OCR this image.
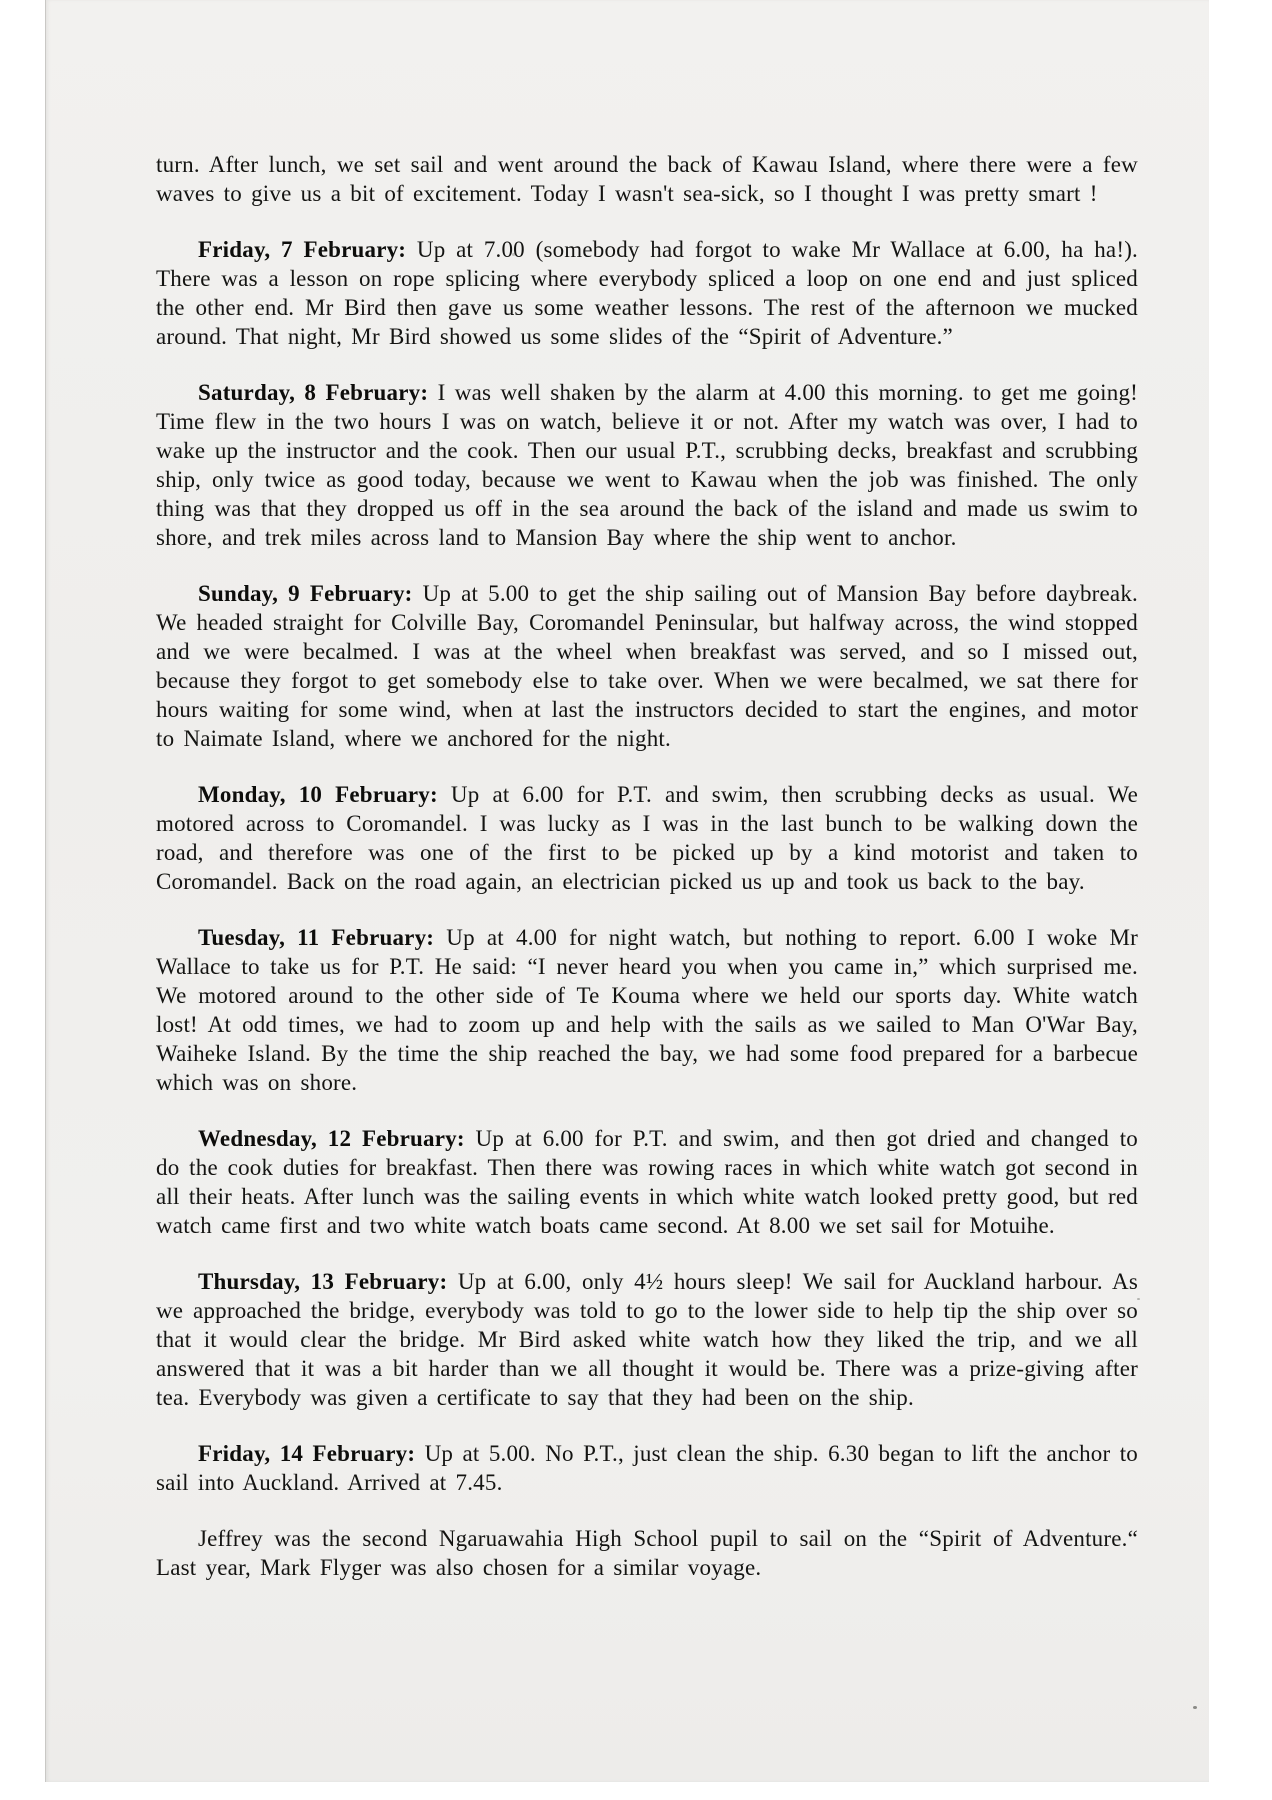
turn. After lunch, we set sail and went around the back of Kawau Island, where there were a few waves to give us a bit of excitement. Today I wasn't sea-sick, so I thought I was pretty smart !

Friday, 7 February: Up at 7.00 (somebody had forgot to wake Mr Wallace at 6.00, ha ha!). There was a lesson on rope splicing where everybody spliced a loop on one end and just spliced the other end. Mr Bird then gave us some weather lessons. The rest of the afternoon we mucked around. That night, Mr Bird showed us some slides of the “Spirit of Adventure.”

Saturday, 8 February: I was well shaken by the alarm at 4.00 this morning. to get me going! Time flew in the two hours I was on watch, believe it or not. After my watch was over, I had to wake up the instructor and the cook. Then our usual P.T., scrubbing decks, breakfast and scrubbing ship, only twice as good today, because we went to Kawau when the job was finished. The only thing was that they dropped us off in the sea around the back of the island and made us swim to shore, and trek miles across land to Mansion Bay where the ship went to anchor.

Sunday, 9 February: Up at 5.00 to get the ship sailing out of Mansion Bay before daybreak. We headed straight for Colville Bay, Coromandel Peninsular, but halfway across, the wind stopped and we were becalmed. I was at the wheel when breakfast was served, and so I missed out, because they forgot to get somebody else to take over. When we were becalmed, we sat there for hours waiting for some wind, when at last the instructors decided to start the engines, and motor to Naimate Island, where we anchored for the night.

Monday, 10 February: Up at 6.00 for P.T. and swim, then scrubbing decks as usual. We motored across to Coromandel. I was lucky as I was in the last bunch to be walking down the road, and therefore was one of the first to be picked up by a kind motorist and taken to Coromandel. Back on the road again, an electrician picked us up and took us back to the bay.

Tuesday, 11 February: Up at 4.00 for night watch, but nothing to report. 6.00 I woke Mr Wallace to take us for P.T. He said: “I never heard you when you came in,” which surprised me. We motored around to the other side of Te Kouma where we held our sports day. White watch lost! At odd times, we had to zoom up and help with the sails as we sailed to Man O'War Bay, Waiheke Island. By the time the ship reached the bay, we had some food prepared for a barbecue which was on shore.

Wednesday, 12 February: Up at 6.00 for P.T. and swim, and then got dried and changed to do the cook duties for breakfast. Then there was rowing races in which white watch got second in all their heats. After lunch was the sailing events in which white watch looked pretty good, but red watch came first and two white watch boats came second. At 8.00 we set sail for Motuihe.

Thursday, 13 February: Up at 6.00, only 4½ hours sleep! We sail for Auckland harbour. As we approached the bridge, everybody was told to go to the lower side to help tip the ship over so that it would clear the bridge. Mr Bird asked white watch how they liked the trip, and we all answered that it was a bit harder than we all thought it would be. There was a prize-giving after tea. Everybody was given a certificate to say that they had been on the ship.

Friday, 14 February: Up at 5.00. No P.T., just clean the ship. 6.30 began to lift the anchor to sail into Auckland. Arrived at 7.45.

Jeffrey was the second Ngaruawahia High School pupil to sail on the “Spirit of Adventure.“ Last year, Mark Flyger was also chosen for a similar voyage.
